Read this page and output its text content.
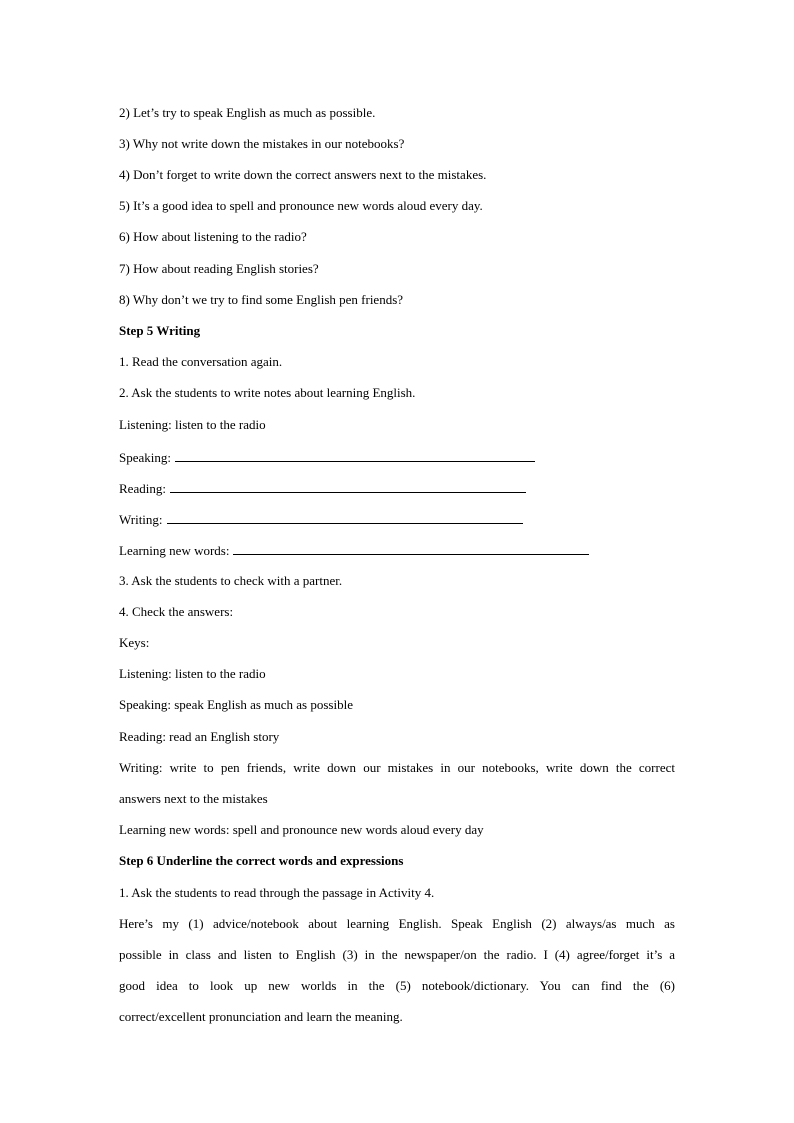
2) Let’s try to speak English as much as possible.
3) Why not write down the mistakes in our notebooks?
4) Don’t forget to write down the correct answers next to the mistakes.
5) It’s a good idea to spell and pronounce new words aloud every day.
6) How about listening to the radio?
7) How about reading English stories?
8) Why don’t we try to find some English pen friends?
Step 5 Writing
1. Read the conversation again.
2. Ask the students to write notes about learning English.
Listening: listen to the radio
Speaking:
Reading:
Writing:
Learning new words:
3. Ask the students to check with a partner.
4. Check the answers:
Keys:
Listening: listen to the radio
Speaking: speak English as much as possible
Reading: read an English story
Writing: write to pen friends, write down our mistakes in our notebooks, write down the correct
answers next to the mistakes
Learning new words: spell and pronounce new words aloud every day
Step 6 Underline the correct words and expressions
1. Ask the students to read through the passage in Activity 4.
Here’s my (1) advice/notebook about learning English. Speak English (2) always/as much as
possible in class and listen to English (3) in the newspaper/on the radio. I (4) agree/forget it’s a
good idea to look up new worlds in the (5) notebook/dictionary. You can find the (6)
correct/excellent pronunciation and learn the meaning.
